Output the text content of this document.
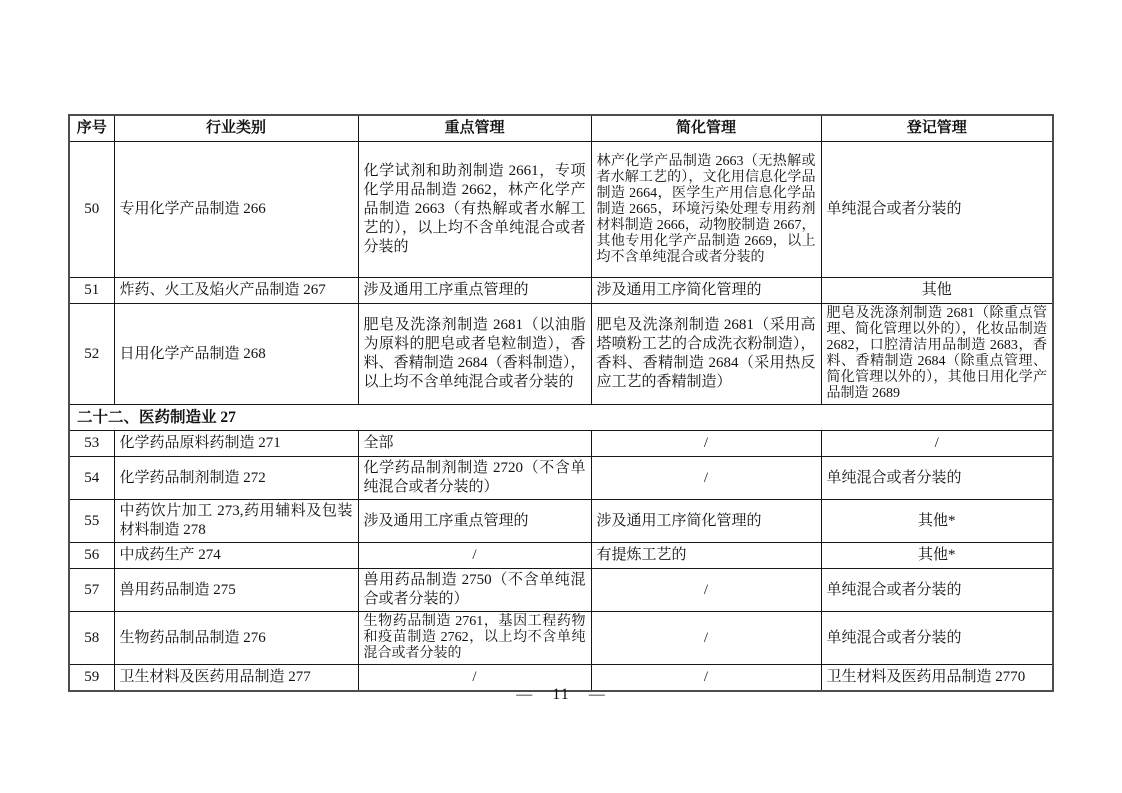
序号	行业类别	重点管理	简化管理	登记管理
50	专用化学产品制造 266	化学试剂和助剂制造 2661，专项化学用品制造 2662，林产化学产品制造 2663（有热解或者水解工艺的），以上均不含单纯混合或者分装的	林产化学产品制造 2663（无热解或者水解工艺的），文化用信息化学品制造 2664，医学生产用信息化学品制造 2665，环境污染处理专用药剂材料制造 2666，动物胶制造 2667，其他专用化学产品制造 2669，以上均不含单纯混合或者分装的	单纯混合或者分装的
51	炸药、火工及焰火产品制造 267	涉及通用工序重点管理的	涉及通用工序简化管理的	其他
52	日用化学产品制造 268	肥皂及洗涤剂制造 2681（以油脂为原料的肥皂或者皂粒制造），香料、香精制造 2684（香料制造），以上均不含单纯混合或者分装的	肥皂及洗涤剂制造 2681（采用高塔喷粉工艺的合成洗衣粉制造），香料、香精制造 2684（采用热反应工艺的香精制造）	肥皂及洗涤剂制造 2681（除重点管理、简化管理以外的），化妆品制造 2682，口腔清洁用品制造 2683，香料、香精制造 2684（除重点管理、简化管理以外的），其他日用化学产品制造 2689
二十二、医药制造业 27				
53	化学药品原料药制造 271	全部	/	/
54	化学药品制剂制造 272	化学药品制剂制造 2720（不含单纯混合或者分装的）	/	单纯混合或者分装的
55	中药饮片加工 273,药用辅料及包装材料制造 278	涉及通用工序重点管理的	涉及通用工序简化管理的	其他*
56	中成药生产 274	/	有提炼工艺的	其他*
57	兽用药品制造 275	兽用药品制造 2750（不含单纯混合或者分装的）	/	单纯混合或者分装的
58	生物药品制品制造 276	生物药品制造 2761，基因工程药物和疫苗制造 2762，以上均不含单纯混合或者分装的	/	单纯混合或者分装的
59	卫生材料及医药用品制造 277	/	/	卫生材料及医药用品制造 2770
— 11 —
